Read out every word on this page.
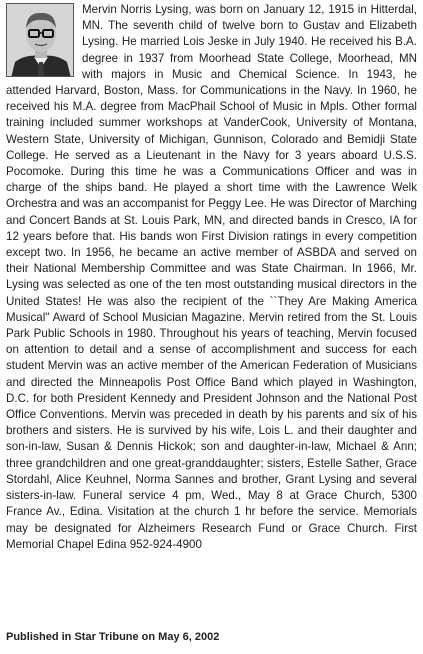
Mervin Norris Lysing, was born on January 12, 1915 in Hitterdal, MN. The seventh child of twelve born to Gustav and Elizabeth Lysing. He married Lois Jeske in July 1940. He received his B.A. degree in 1937 from Moorhead State College, Moorhead, MN with majors in Music and Chemical Science. In 1943, he attended Harvard, Boston, Mass. for Communications in the Navy. In 1960, he received his M.A. degree from MacPhail School of Music in Mpls. Other formal training included summer workshops at VanderCook, University of Montana, Western State, University of Michigan, Gunnison, Colorado and Bemidji State College. He served as a Lieutenant in the Navy for 3 years aboard U.S.S. Pocomoke. During this time he was a Communications Officer and was in charge of the ships band. He played a short time with the Lawrence Welk Orchestra and was an accompanist for Peggy Lee. He was Director of Marching and Concert Bands at St. Louis Park, MN, and directed bands in Cresco, IA for 12 years before that. His bands won First Division ratings in every competition except two. In 1956, he became an active member of ASBDA and served on their National Membership Committee and was State Chairman. In 1966, Mr. Lysing was selected as one of the ten most outstanding musical directors in the United States! He was also the recipient of the ``They Are Making America Musical" Award of School Musician Magazine. Mervin retired from the St. Louis Park Public Schools in 1980. Throughout his years of teaching, Mervin focused on attention to detail and a sense of accomplishment and success for each student Mervin was an active member of the American Federation of Musicians and directed the Minneapolis Post Office Band which played in Washington, D.C. for both President Kennedy and President Johnson and the National Post Office Conventions. Mervin was preceded in death by his parents and six of his brothers and sisters. He is survived by his wife, Lois L. and their daughter and son-in-law, Susan & Dennis Hickok; son and daughter-in-law, Michael & Ann; three grandchildren and one great-granddaughter; sisters, Estelle Sather, Grace Stordahl, Alice Keuhnel, Norma Sannes and brother, Grant Lysing and several sisters-in-law. Funeral service 4 pm, Wed., May 8 at Grace Church, 5300 France Av., Edina. Visitation at the church 1 hr before the service. Memorials may be designated for Alzheimers Research Fund or Grace Church. First Memorial Chapel Edina 952-924-4900

Published in Star Tribune on May 6, 2002
